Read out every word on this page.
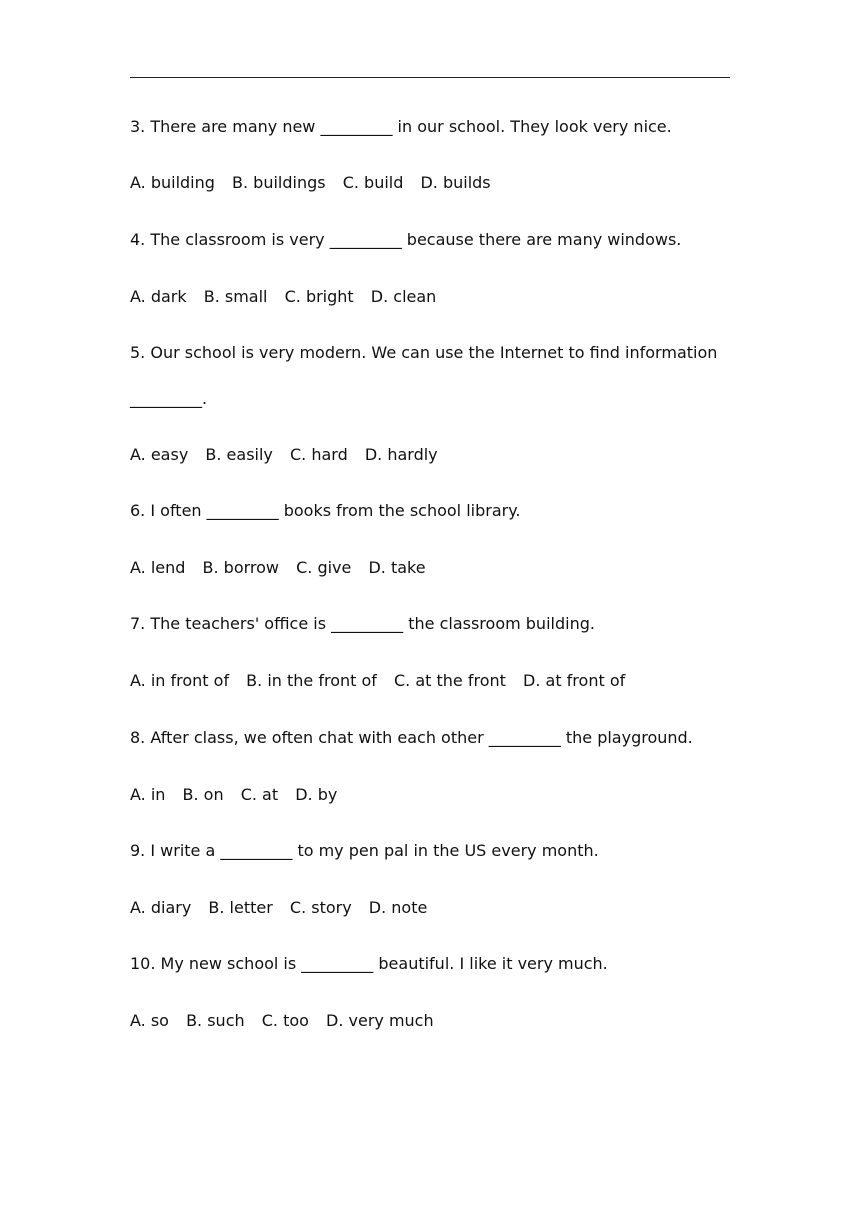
3. There are many new _________ in our school. They look very nice.
A. building B. buildings C. build D. builds
4. The classroom is very _________ because there are many windows.
A. dark B. small C. bright D. clean
5. Our school is very modern. We can use the Internet to find information
_________.
A. easy B. easily C. hard D. hardly
6. I often _________ books from the school library.
A. lend B. borrow C. give D. take
7. The teachers' office is _________ the classroom building.
A. in front of B. in the front of C. at the front D. at front of
8. After class, we often chat with each other _________ the playground.
A. in B. on C. at D. by
9. I write a _________ to my pen pal in the US every month.
A. diary B. letter C. story D. note
10. My new school is _________ beautiful. I like it very much.
A. so B. such C. too D. very much
